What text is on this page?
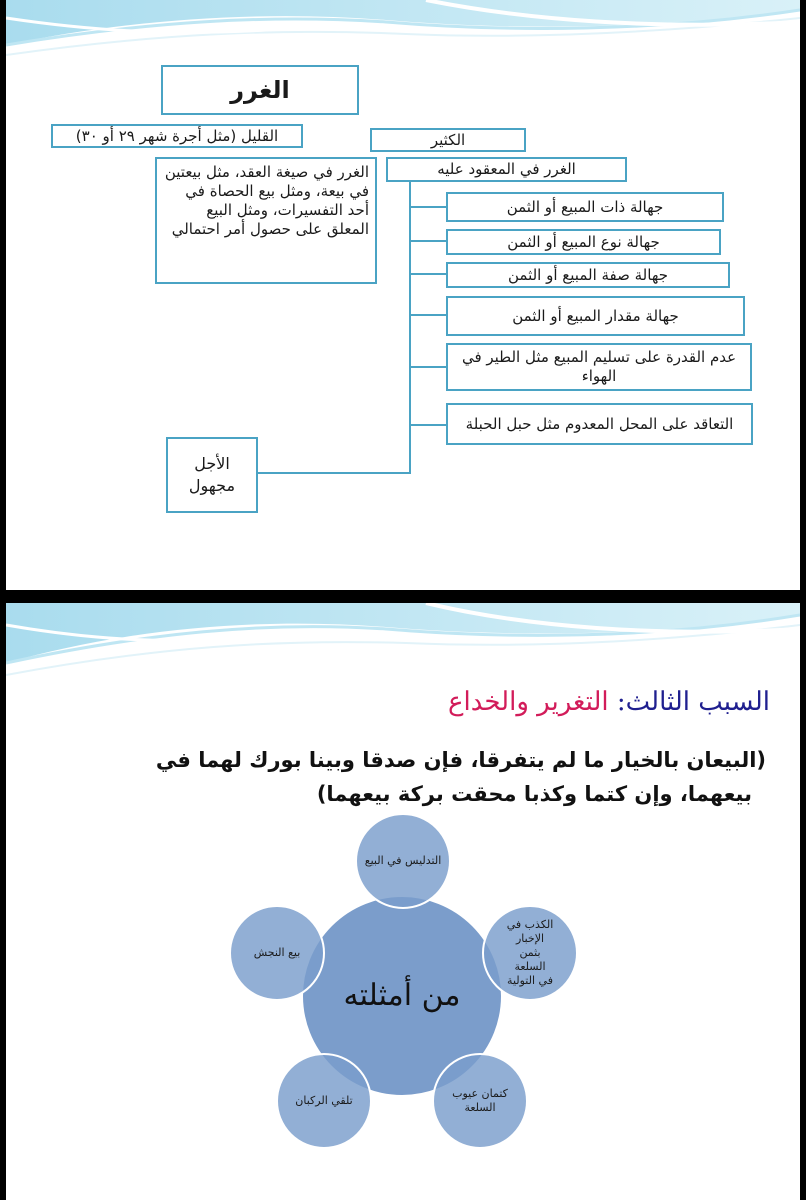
الغرر
القليل (مثل أجرة شهر ٢٩ أو ٣٠)	الكثير
الغرر في صيغة العقد، مثل بيعتين في بيعة، ومثل بيع الحصاة في أحد التفسيرات، ومثل البيع المعلق على حصول أمر احتمالي
الغرر في المعقود عليه
جهالة ذات المبيع أو الثمن
جهالة نوع المبيع أو الثمن
جهالة صفة المبيع أو الثمن
جهالة مقدار المبيع أو الثمن
عدم القدرة على تسليم المبيع مثل الطير في الهواء
التعاقد على المحل المعدوم مثل حبل الحبلة
الأجل مجهول
السبب الثالث: التغرير والخداع
(البيعان بالخيار ما لم يتفرقا، فإن صدقا وبينا بورك لهما في
بيعهما، وإن كتما وكذبا محقت بركة بيعهما)
من أمثلته
التدليس في البيع
الكذب في الإخبار بثمن السلعة في التولية
كتمان عيوب السلعة
تلقي الركبان
بيع النجش
